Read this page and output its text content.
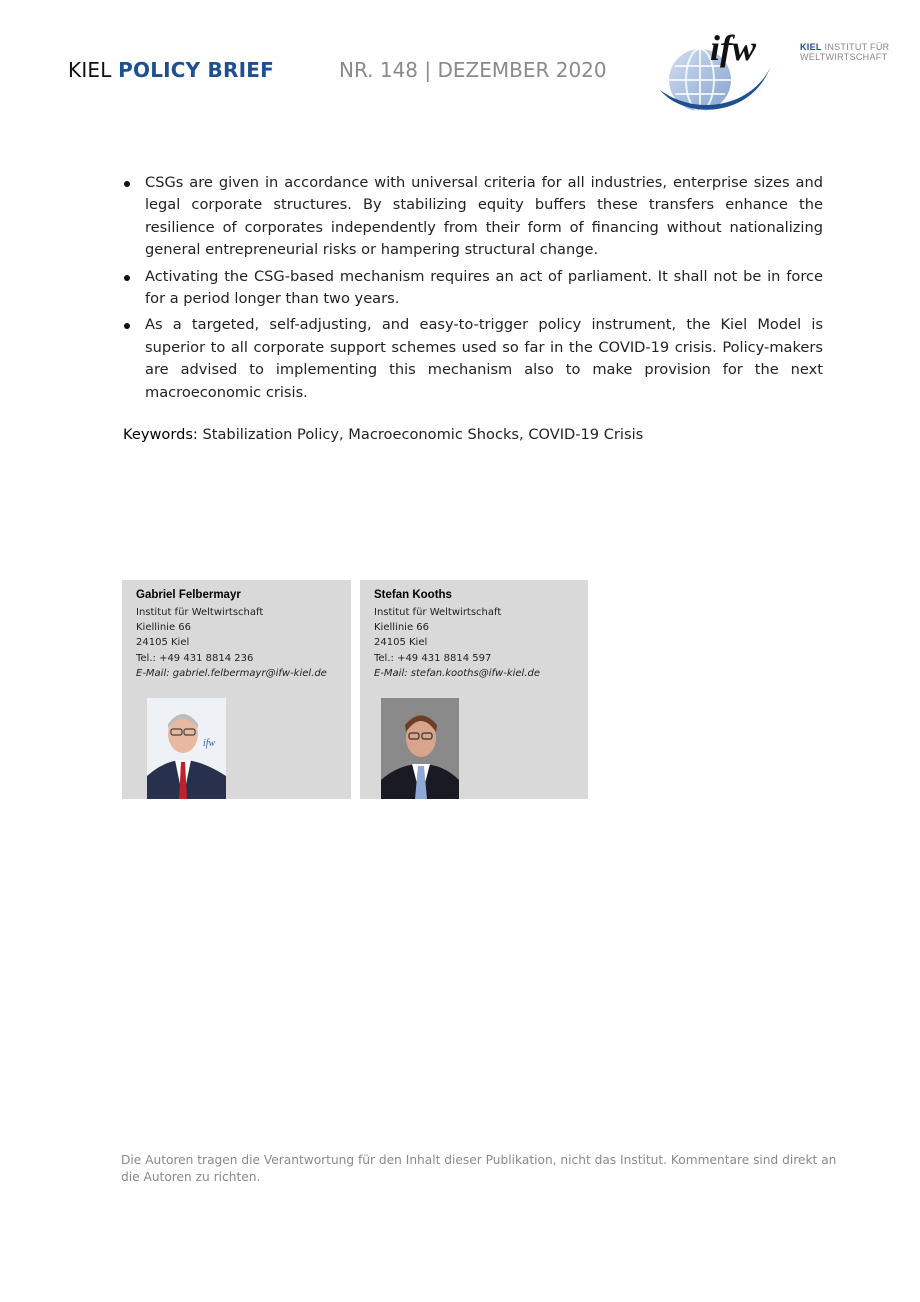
KIEL POLICY BRIEF	NR. 148 | DEZEMBER 2020
ifw	KIEL INSTITUT FÜR
WELTWIRTSCHAFT
CSGs are given in accordance with universal criteria for all industries, enterprise sizes and legal corporate structures. By stabilizing equity buffers these transfers enhance the resilience of corporates independently from their form of financing without nationalizing general entrepreneurial risks or hampering structural change.
Activating the CSG-based mechanism requires an act of parliament. It shall not be in force for a period longer than two years.
As a targeted, self-adjusting, and easy-to-trigger policy instrument, the Kiel Model is superior to all corporate support schemes used so far in the COVID-19 crisis. Policy-makers are advised to implementing this mechanism also to make provision for the next macroeconomic crisis.
Keywords: Stabilization Policy, Macroeconomic Shocks, COVID-19 Crisis
Gabriel Felbermayr
Institut für Weltwirtschaft
Kiellinie 66
24105 Kiel
Tel.: +49 431 8814 236
E-Mail: gabriel.felbermayr@ifw-kiel.de
ifw
Stefan Kooths
Institut für Weltwirtschaft
Kiellinie 66
24105 Kiel
Tel.: +49 431 8814 597
E-Mail: stefan.kooths@ifw-kiel.de
Die Autoren tragen die Verantwortung für den Inhalt dieser Publikation, nicht das Institut. Kommentare sind direkt an die Autoren zu richten.
